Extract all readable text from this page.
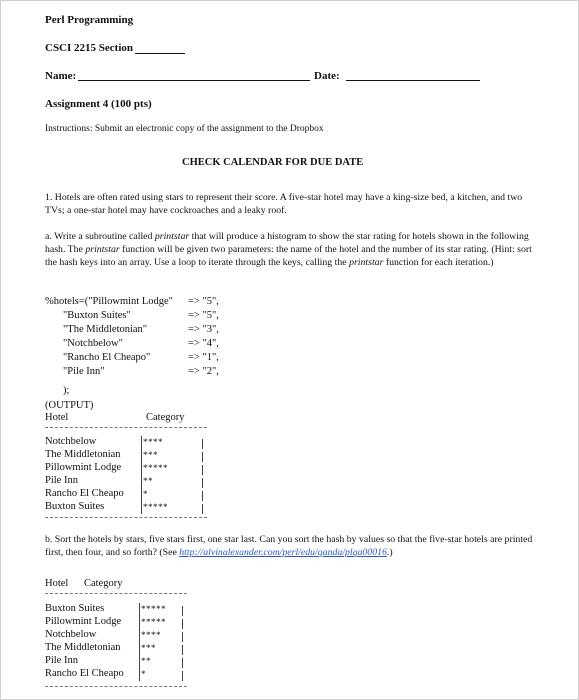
Perl Programming
CSCI 2215 Section
Name:	Date:
Assignment 4 (100 pts)
Instructions: Submit an electronic copy of the assignment to the Dropbox
CHECK CALENDAR FOR DUE DATE
1. Hotels are often rated using stars to represent their score. A five-star hotel may have a king-size bed, a kitchen, and two TVs; a one-star hotel may have cockroaches and a leaky roof.
a. Write a subroutine called printstar that will produce a histogram to show the star rating for hotels shown in the following hash. The printstar function will be given two parameters: the name of the hotel and the number of its star rating. (Hint: sort the hash keys into an array. Use a loop to iterate through the keys, calling the printstar function for each iteration.)
%hotels=("Pillowmint Lodge" => "5",
"Buxton Suites"	=> "5",
"The Middletonian"	=> "3",
"Notchbelow"	=> "4",
"Rancho El Cheapo"	=> "1",
"Pile Inn"	=> "2",
);
(OUTPUT)
Hotel	Category
Notchbelow	****
The Middletonian ***
Pillowmint Lodge *****
Pile Inn	**
Rancho El Cheapo *
Buxton Suites	*****
b. Sort the hotels by stars, five stars first, one star last. Can you sort the hash by values so that the five-star hotels are printed first, then four, and so forth? (See http://alvinalexander.com/perl/edu/qanda/plqa00016.)
Hotel Category
Buxton Suites	*****
Pillowmint Lodge *****
Notchbelow	****
The Middletonian ***
Pile Inn	**
Rancho El Cheapo *
